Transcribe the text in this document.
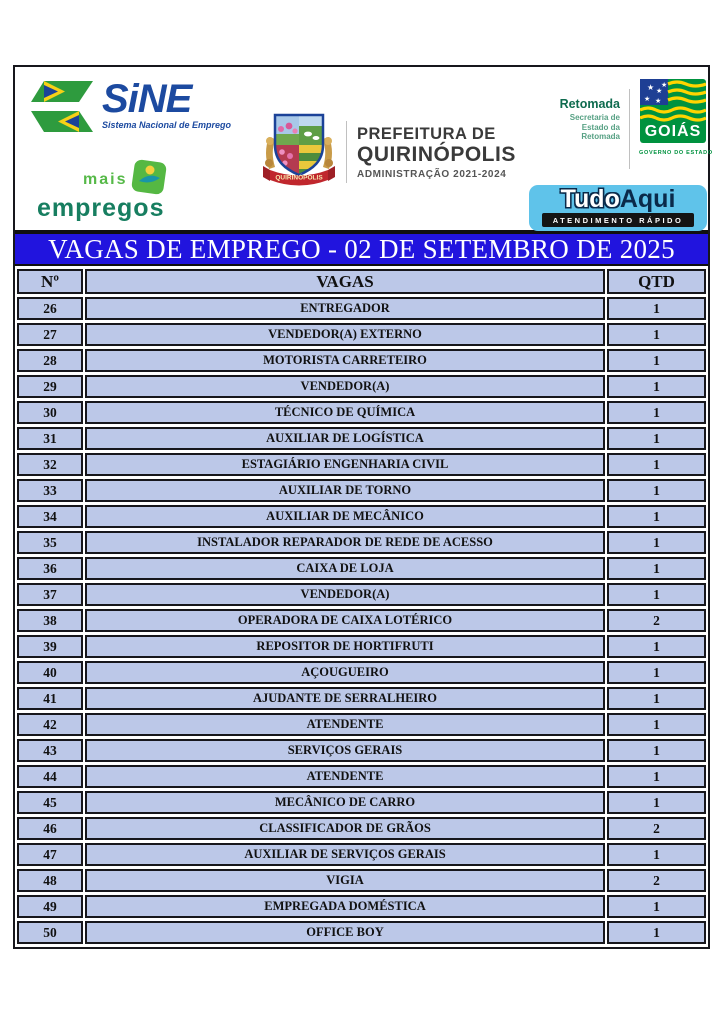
SiNE
Sistema Nacional de Emprego
mais
empregos
QUIRINÓPOLIS
PREFEITURA DE
QUIRINÓPOLIS
ADMINISTRAÇÃO 2021-2024
Retomada
Secretaria de
Estado da
Retomada
★ ★
★
★ ★
GOIÁS
GOVERNO DO ESTADO
TudoAqui
ATENDIMENTO RÁPIDO
VAGAS DE EMPREGO - 02 DE SETEMBRO DE 2025
Nº	VAGAS	QTD
26	ENTREGADOR	1
27	VENDEDOR(A) EXTERNO	1
28	MOTORISTA CARRETEIRO	1
29	VENDEDOR(A)	1
30	TÉCNICO DE QUÍMICA	1
31	AUXILIAR DE LOGÍSTICA	1
32	ESTAGIÁRIO ENGENHARIA CIVIL	1
33	AUXILIAR DE TORNO	1
34	AUXILIAR DE MECÂNICO	1
35	INSTALADOR REPARADOR DE REDE DE ACESSO	1
36	CAIXA DE LOJA	1
37	VENDEDOR(A)	1
38	OPERADORA DE CAIXA LOTÉRICO	2
39	REPOSITOR DE HORTIFRUTI	1
40	AÇOUGUEIRO	1
41	AJUDANTE DE SERRALHEIRO	1
42	ATENDENTE	1
43	SERVIÇOS GERAIS	1
44	ATENDENTE	1
45	MECÂNICO DE CARRO	1
46	CLASSIFICADOR DE GRÃOS	2
47	AUXILIAR DE SERVIÇOS GERAIS	1
48	VIGIA	2
49	EMPREGADA DOMÉSTICA	1
50	OFFICE BOY	1
